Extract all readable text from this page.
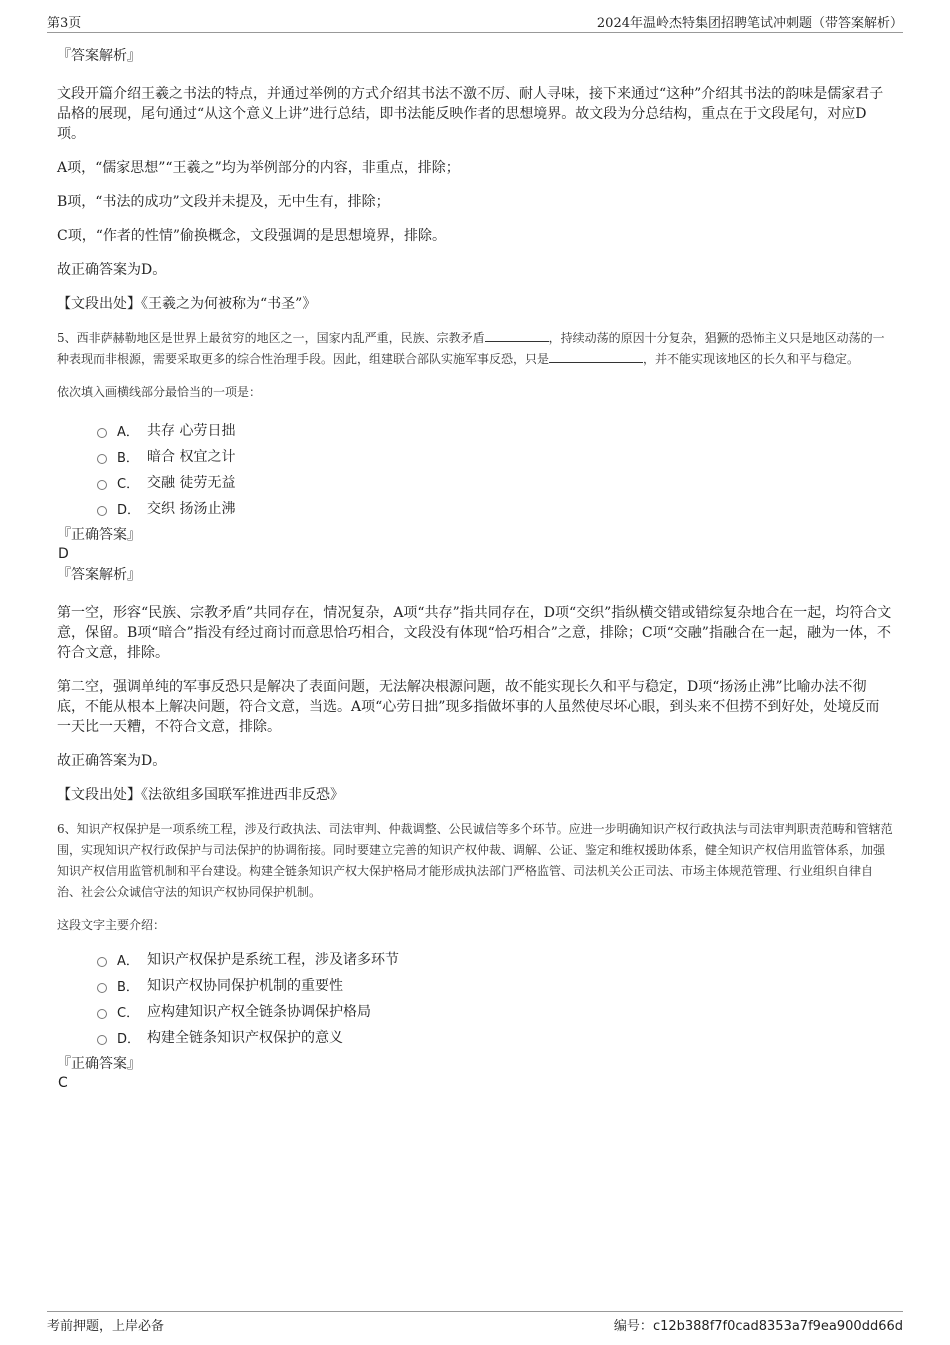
第3页	2024年温岭杰特集团招聘笔试冲刺题（带答案解析）

『答案解析』

文段开篇介绍王羲之书法的特点，并通过举例的方式介绍其书法不激不厉、耐人寻味，接下来通过“这种”介绍其书法的韵味是儒家君子品格的展现，尾句通过“从这个意义上讲”进行总结，即书法能反映作者的思想境界。故文段为分总结构，重点在于文段尾句，对应D项。

A项，“儒家思想”“王羲之”均为举例部分的内容，非重点，排除；

B项，“书法的成功”文段并未提及，无中生有，排除；

C项，“作者的性情”偷换概念，文段强调的是思想境界，排除。

故正确答案为D。

【文段出处】《王羲之为何被称为“书圣”》

5、西非萨赫勒地区是世界上最贫穷的地区之一，国家内乱严重，民族、宗教矛盾	，持续动荡的原因十分复杂，猖獗的恐怖主义只是地区动荡的一种表现而非根源，需要采取更多的综合性治理手段。因此，组建联合部队实施军事反恐，只是	，并不能实现该地区的长久和平与稳定。

依次填入画横线部分最恰当的一项是：

A． 共存 心劳日拙
B． 暗合 权宜之计
C． 交融 徒劳无益
D． 交织 扬汤止沸

『正确答案』

D

『答案解析』

第一空，形容“民族、宗教矛盾”共同存在，情况复杂，A项“共存”指共同存在，D项“交织”指纵横交错或错综复杂地合在一起，均符合文意，保留。B项“暗合”指没有经过商讨而意思恰巧相合，文段没有体现“恰巧相合”之意，排除；C项“交融”指融合在一起，融为一体，不符合文意，排除。

第二空，强调单纯的军事反恐只是解决了表面问题，无法解决根源问题，故不能实现长久和平与稳定，D项“扬汤止沸”比喻办法不彻底，不能从根本上解决问题，符合文意，当选。A项“心劳日拙”现多指做坏事的人虽然使尽坏心眼，到头来不但捞不到好处，处境反而一天比一天糟，不符合文意，排除。

故正确答案为D。

【文段出处】《法欲组多国联军推进西非反恐》

6、知识产权保护是一项系统工程，涉及行政执法、司法审判、仲裁调整、公民诚信等多个环节。应进一步明确知识产权行政执法与司法审判职责范畴和管辖范围，实现知识产权行政保护与司法保护的协调衔接。同时要建立完善的知识产权仲裁、调解、公证、鉴定和维权援助体系，健全知识产权信用监管体系，加强知识产权信用监管机制和平台建设。构建全链条知识产权大保护格局才能形成执法部门严格监管、司法机关公正司法、市场主体规范管理、行业组织自律自治、社会公众诚信守法的知识产权协同保护机制。

这段文字主要介绍：

A． 知识产权保护是系统工程，涉及诸多环节
B． 知识产权协同保护机制的重要性
C． 应构建知识产权全链条协调保护格局
D． 构建全链条知识产权保护的意义

『正确答案』

C

考前押题，上岸必备	编号：c12b388f7f0cad8353a7f9ea900dd66d
